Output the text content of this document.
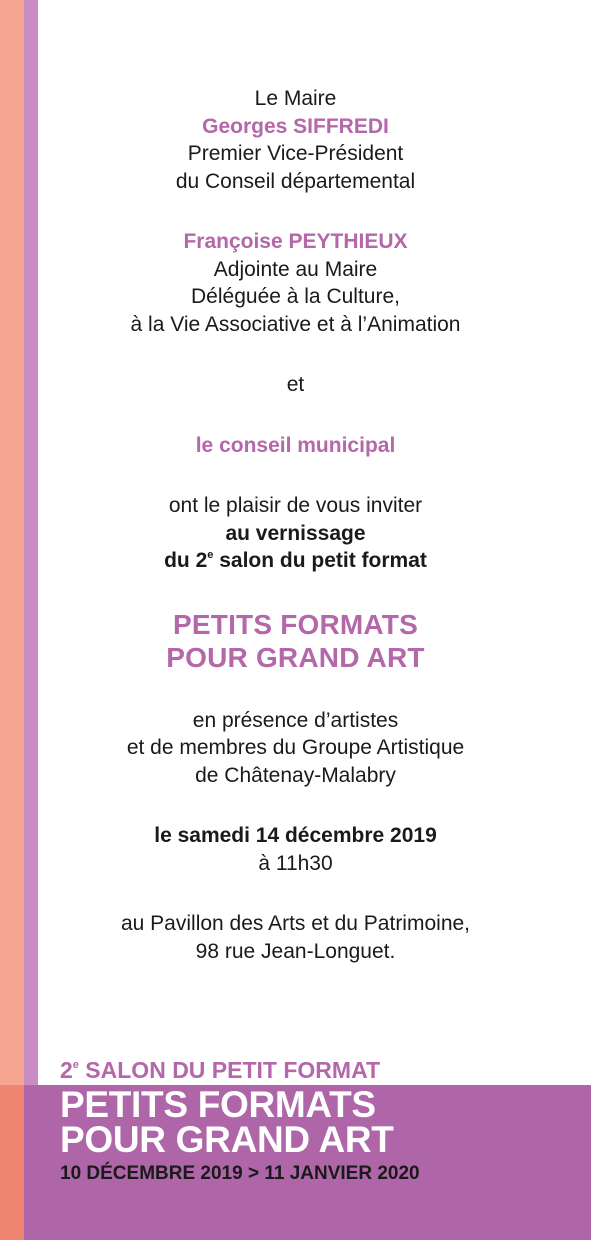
Le Maire

Georges SIFFREDI

Premier Vice-Président

du Conseil départemental

Françoise PEYTHIEUX

Adjointe au Maire

Déléguée à la Culture,

à la Vie Associative et à l’Animation

et

le conseil municipal

ont le plaisir de vous inviter

au vernissage

du 2e salon du petit format

PETITS FORMATS

POUR GRAND ART

en présence d’artistes

et de membres du Groupe Artistique

de Châtenay-Malabry

le samedi 14 décembre 2019

à 11h30

au Pavillon des Arts et du Patrimoine,

98 rue Jean-Longuet.

2e SALON DU PETIT FORMAT
PETITS FORMATS
POUR GRAND ART
10 DÉCEMBRE 2019 > 11 JANVIER 2020
